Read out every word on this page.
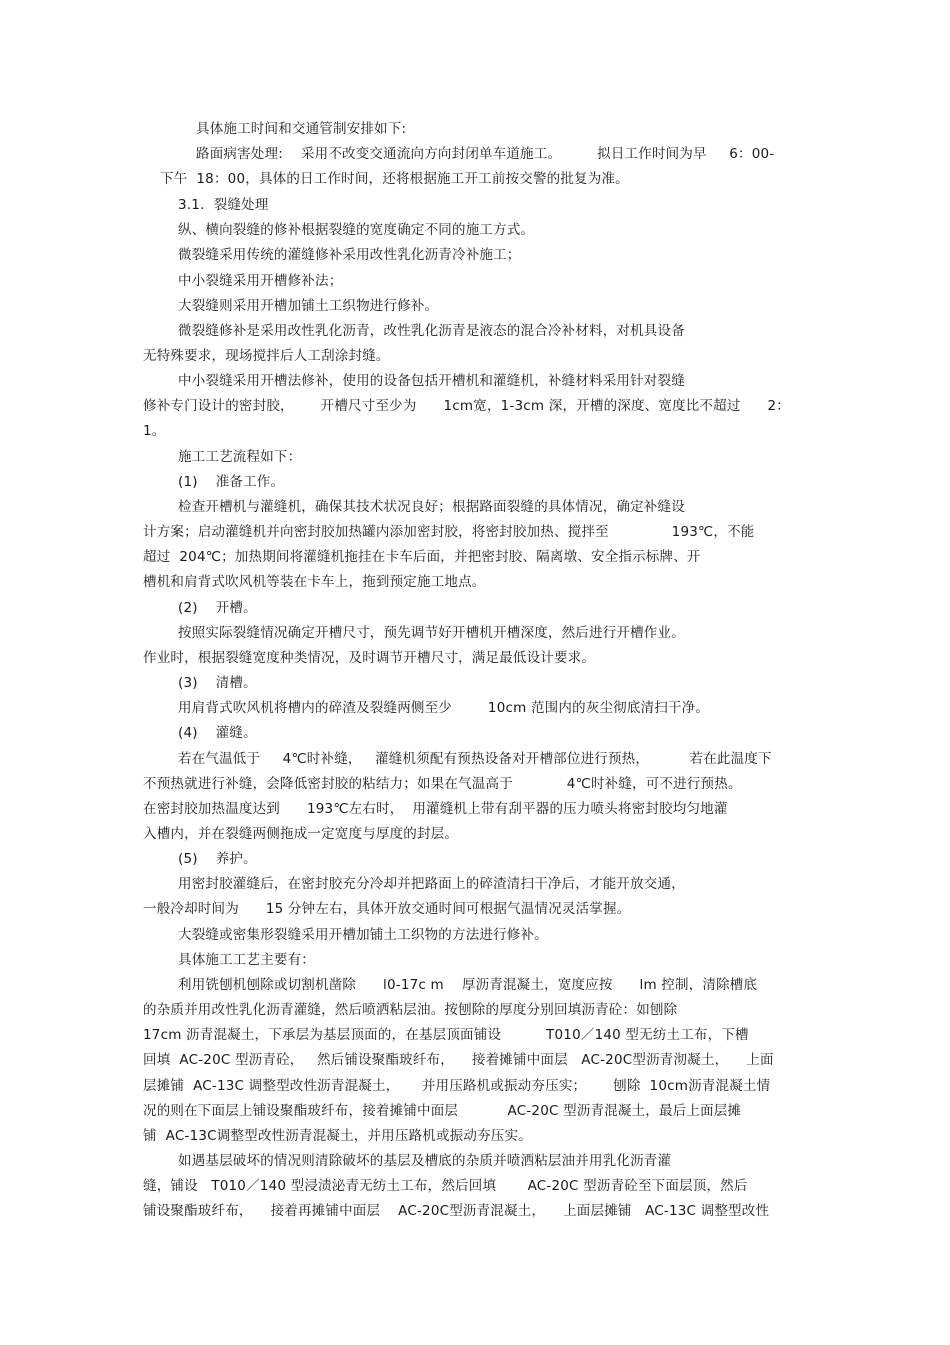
具体施工时间和交通管制安排如下:
路面病害处理:    采用不改变交通流向方向封闭单车道施工。        拟日工作时间为早     6：00-
下午  18：00，具体的日工作时间，还将根据施工开工前按交警的批复为准。
3.1．裂缝处理
纵、横向裂缝的修补根据裂缝的宽度确定不同的施工方式。
微裂缝采用传统的灌缝修补采用改性乳化沥青冷补施工；
中小裂缝采用开槽修补法；
大裂缝则采用开槽加铺土工织物进行修补。
微裂缝修补是采用改性乳化沥青，改性乳化沥青是液态的混合冷补材料，对机具设备
无特殊要求，现场搅拌后人工刮涂封缝。
中小裂缝采用开槽法修补，使用的设备包括开槽机和灌缝机，补缝材料采用针对裂缝
修补专门设计的密封胶，      开槽尺寸至少为      1cm宽，1-3cm 深，开槽的深度、宽度比不超过      2：
1。
施工工艺流程如下：
(1)    准备工作。
检查开槽机与灌缝机，确保其技术状况良好；根据路面裂缝的具体情况，确定补缝设
计方案；启动灌缝机并向密封胶加热罐内添加密封胶，将密封胶加热、搅拌至              193℃，不能
超过  204℃；加热期间将灌缝机拖挂在卡车后面，并把密封胶、隔离墩、安全指示标牌、开
槽机和肩背式吹风机等装在卡车上，拖到预定施工地点。
(2)    开槽。
按照实际裂缝情况确定开槽尺寸，预先调节好开槽机开槽深度，然后进行开槽作业。
作业时，根据裂缝宽度种类情况，及时调节开槽尺寸，满足最低设计要求。
(3)    清槽。
用肩背式吹风机将槽内的碎渣及裂缝两侧至少        10cm 范围内的灰尘彻底清扫干净。
(4)    灌缝。
若在气温低于     4℃时补缝，   灌缝机须配有预热设备对开槽部位进行预热，         若在此温度下
不预热就进行补缝，会降低密封胶的粘结力；如果在气温高于            4℃时补缝，可不进行预热。
在密封胶加热温度达到      193℃左右时，  用灌缝机上带有刮平器的压力喷头将密封胶均匀地灌
入槽内，并在裂缝两侧拖成一定宽度与厚度的封层。
(5)    养护。
用密封胶灌缝后，在密封胶充分冷却并把路面上的碎渣清扫干净后，才能开放交通，
一般冷却时间为      15 分钟左右，具体开放交通时间可根据气温情况灵活掌握。
大裂缝或密集形裂缝采用开槽加铺土工织物的方法进行修补。
具体施工工艺主要有：
利用铣刨机刨除或切割机凿除      l0-17c m    厚沥青混凝土，宽度应按      lm 控制，清除槽底
的杂质并用改性乳化沥青灌缝，然后喷洒粘层油。按刨除的厚度分别回填沥青砼：如刨除
17cm 沥青混凝土，下承层为基层顶面的，在基层顶面铺设          T010／140 型无纺土工布，下槽
回填  AC-20C 型沥青砼，   然后铺设聚酯玻纤布，    接着摊铺中面层   AC-20C型沥青沏凝土，    上面
层摊铺  AC-13C 调整型改性沥青混凝土，     并用压路机或振动夯压实；      刨除  10cm沥青混凝土情
况的则在下面层上铺设聚酯玻纤布，接着摊铺中面层           AC-20C 型沥青混凝土，最后上面层摊
铺  AC-13C调整型改性沥青混凝土，并用压路机或振动夯压实。
如遇基层破坏的情况则清除破坏的基层及槽底的杂质并喷洒粘层油并用乳化沥青灌
缝，铺设   T010／140 型浸渍泌青无纺土工布，然后回填       AC-20C 型沥青砼至下面层顶，然后
铺设聚酯玻纤布，    接着再摊铺中面层    AC-20C型沥青混凝土，    上面层摊铺   AC-13C 调整型改性
